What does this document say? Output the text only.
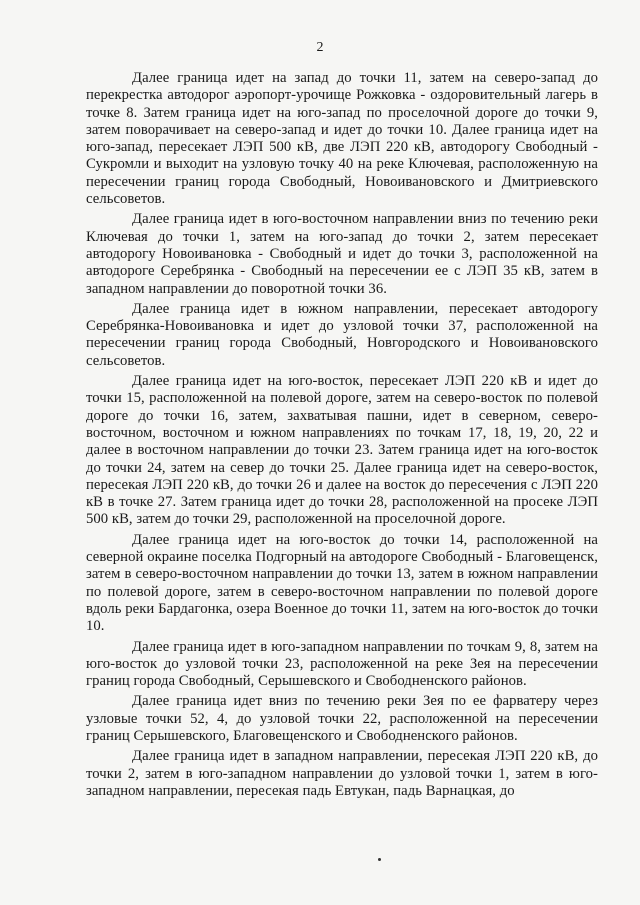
2

Далее граница идет на запад до точки 11, затем на северо-запад до перекрестка автодорог аэропорт-урочище Рожковка - оздоровительный лагерь в точке 8. Затем граница идет на юго-запад по проселочной дороге до точки 9, затем поворачивает на северо-запад и идет до точки 10. Далее граница идет на юго-запад, пересекает ЛЭП 500 кВ, две ЛЭП 220 кВ, автодорогу Свободный - Сукромли и выходит на узловую точку 40 на реке Ключевая, расположенную на пересечении границ города Свободный, Новоивановского и Дмитриевского сельсоветов.

Далее граница идет в юго-восточном направлении вниз по течению реки Ключевая до точки 1, затем на юго-запад до точки 2, затем пересекает автодорогу Новоивановка - Свободный и идет до точки 3, расположенной на автодороге Серебрянка - Свободный на пересечении ее с ЛЭП 35 кВ, затем в западном направлении до поворотной точки 36.

Далее граница идет в южном направлении, пересекает автодорогу Серебрянка-Новоивановка и идет до узловой точки 37, расположенной на пересечении границ города Свободный, Новгородского и Новоивановского сельсоветов.

Далее граница идет на юго-восток, пересекает ЛЭП 220 кВ и идет до точки 15, расположенной на полевой дороге, затем на северо-восток по полевой дороге до точки 16, затем, захватывая пашни, идет в северном, северо-восточном, восточном и южном направлениях по точкам 17, 18, 19, 20, 22 и далее в восточном направлении до точки 23. Затем граница идет на юго-восток до точки 24, затем на север до точки 25. Далее граница идет на северо-восток, пересекая ЛЭП 220 кВ, до точки 26 и далее на восток до пересечения с ЛЭП 220 кВ в точке 27. Затем граница идет до точки 28, расположенной на просеке ЛЭП 500 кВ, затем до точки 29, расположенной на проселочной дороге.

Далее граница идет на юго-восток до точки 14, расположенной на северной окраине поселка Подгорный на автодороге Свободный - Благовещенск, затем в северо-восточном направлении до точки 13, затем в южном направлении по полевой дороге, затем в северо-восточном направлении по полевой дороге вдоль реки Бардагонка, озера Военное до точки 11, затем на юго-восток до точки 10.

Далее граница идет в юго-западном направлении по точкам 9, 8, затем на юго-восток до узловой точки 23, расположенной на реке Зея на пересечении границ города Свободный, Серышевского и Свободненского районов.

Далее граница идет вниз по течению реки Зея по ее фарватеру через узловые точки 52, 4, до узловой точки 22, расположенной на пересечении границ Серышевского, Благовещенского и Свободненского районов.

Далее граница идет в западном направлении, пересекая ЛЭП 220 кВ, до точки 2, затем в юго-западном направлении до узловой точки 1, затем в юго-западном направлении, пересекая падь Евтукан, падь Варнацкая, до
